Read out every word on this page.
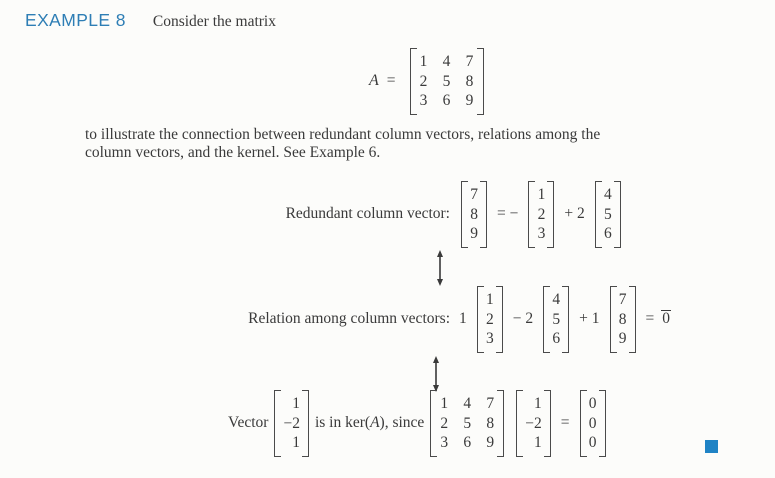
EXAMPLE 8 Consider the matrix
A =
1 4 7
2 5 8
3 6 9

to illustrate the connection between redundant column vectors, relations among the
column vectors, and the kernel. See Example 6.

Redundant column vector:
7
8
9
= −
1
2
3
+ 2
4
5
6
Relation among column vectors: 1
1
2
3
− 2
4
5
6
+ 1
7
8
9
= 0
Vector
1
−2
1
is in ker( A ), since
1 4 7
2 5 8
3 6 9
1
−2
1
=
0
0
0
